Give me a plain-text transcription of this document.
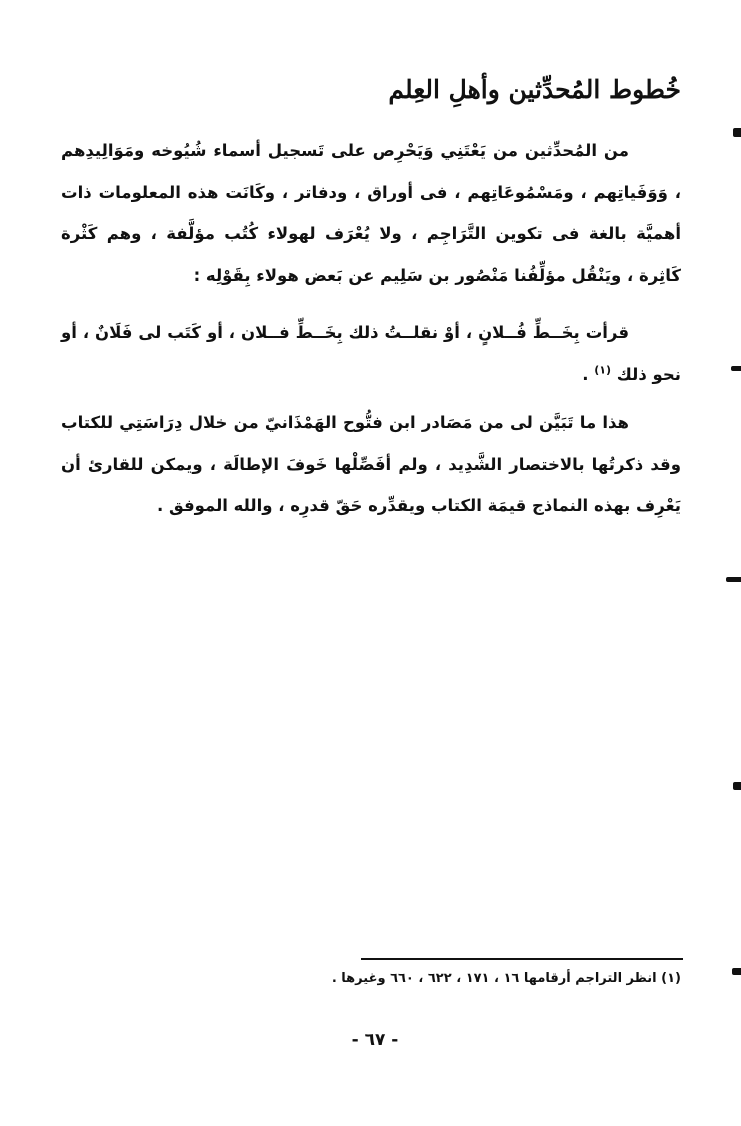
خُطوط المُحدِّثين وأهلِ العِلم

من المُحدِّثين من يَعْتَنِي وَيَحْرِص على تَسجيل أسماء شُيُوخه ومَوَالِيدِهم ، وَوَفَياتِهم ، ومَسْمُوعَاتِهم ، فى أوراق ، ودفاتر ، وكَانَت هذه المعلومات ذات أهميَّة بالغة فى تكوين التَّرَاجِم ، ولا يُعْرَف لهولاء كُتُب مؤلَّفة ، وهم كَثْرة كَاثِرة ، ويَنْقُل مؤلِّفُنا مَنْصُور بن سَلِيم عن بَعض هولاء بِقَوْلِه :

قرأت بِخَــطِّ فُــلانٍ ، أوْ نقلــتُ ذلك بِخَــطِّ فــلان ، أو كَتَب لى فَلَانٌ ، أو نحو ذلك $^{(١)}$ .

هذا ما تَبَيَّن لى من مَصَادر ابن فتُّوح الهَمْذَانيّ من خلال دِرَاسَتِي للكتاب وقد ذكرتُها بالاختصار الشَّدِيد ، ولم أفَصِّلْها خَوفَ الإطالَة ، ويمكن للقارئ أن يَعْرِف بهذه النماذج قيمَة الكتاب ويقدِّره حَقّ قدرِه ، والله الموفق .

(١) انظر التراجم أرقامها ١٦ ، ١٧١ ، ٦٢٢ ، ٦٦٠ وغيرها .

- ٦٧ -
